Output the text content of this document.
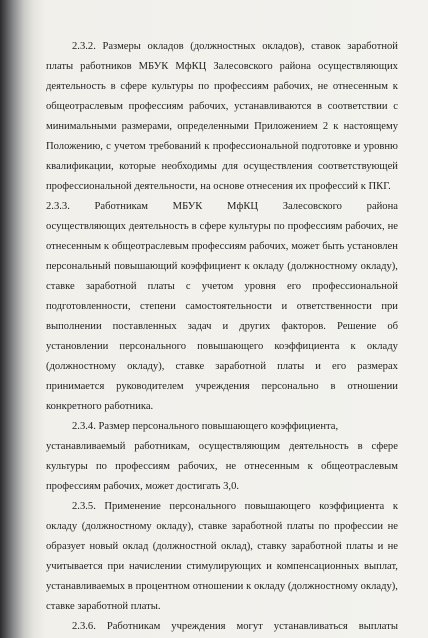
2.3.2. Размеры окладов (должностных окладов), ставок заработной
платы работников МБУК МфКЦ Залесовского района осуществляющих
деятельность в сфере культуры по профессиям рабочих, не отнесенным к
общеотраслевым профессиям рабочих, устанавливаются в соответствии с
минимальными размерами, определенными Приложением 2 к настоящему
Положению, с учетом требований к профессиональной подготовке и уровню
квалификации, которые необходимы для осуществления соответствующей
профессиональной деятельности, на основе отнесения их профессий к ПКГ.
2.3.3. Работникам МБУК МфКЦ Залесовского района
осуществляющих деятельность в сфере культуры по профессиям рабочих, не
отнесенным к общеотраслевым профессиям рабочих, может быть установлен
персональный повышающий коэффициент к окладу (должностному окладу),
ставке заработной платы с учетом уровня его профессиональной
подготовленности, степени самостоятельности и ответственности при
выполнении поставленных задач и других факторов. Решение об
установлении персонального повышающего коэффициента к окладу
(должностному окладу), ставке заработной платы и его размерах
принимается руководителем учреждения персонально в отношении
конкретного работника.
2.3.4. Размер персонального повышающего коэффициента,
устанавливаемый работникам, осуществляющим деятельность в сфере
культуры по профессиям рабочих, не отнесенным к общеотраслевым
профессиям рабочих, может достигать 3,0.
2.3.5. Применение персонального повышающего коэффициента к
окладу (должностному окладу), ставке заработной платы по профессии не
образует новый оклад (должностной оклад), ставку заработной платы и не
учитывается при начислении стимулирующих и компенсационных выплат,
устанавливаемых в процентном отношении к окладу (должностному окладу),
ставке заработной платы.
2.3.6. Работникам учреждения могут устанавливаться выплаты
